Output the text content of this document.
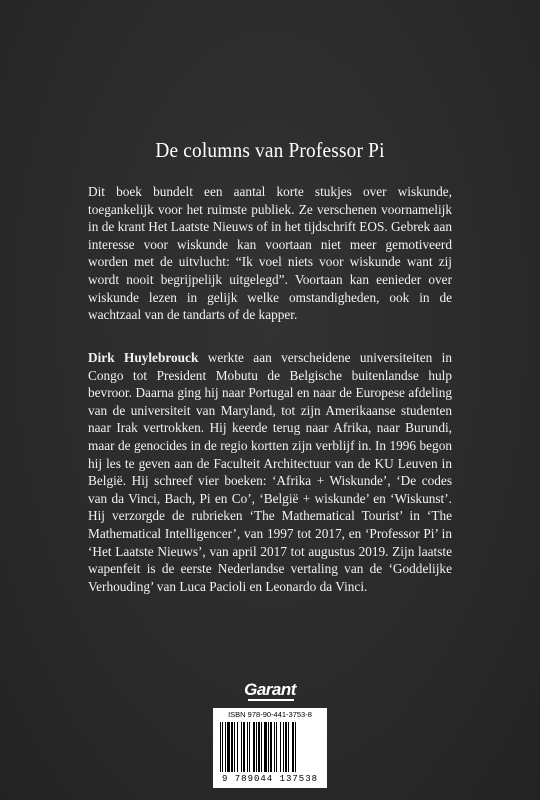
De columns van Professor Pi
Dit boek bundelt een aantal korte stukjes over wiskunde, toegankelijk voor het ruimste publiek. Ze verschenen voornamelijk in de krant Het Laatste Nieuws of in het tijdschrift EOS. Gebrek aan interesse voor wiskunde kan voortaan niet meer gemotiveerd worden met de uitvlucht: “Ik voel niets voor wiskunde want zij wordt nooit begrijpelijk uitgelegd”. Voortaan kan eenieder over wiskunde lezen in gelijk welke omstandigheden, ook in de wachtzaal van de tandarts of de kapper.
Dirk Huylebrouck werkte aan verscheidene universiteiten in Congo tot President Mobutu de Belgische buitenlandse hulp bevroor. Daarna ging hij naar Portugal en naar de Europese afdeling van de universiteit van Maryland, tot zijn Amerikaanse studenten naar Irak vertrokken. Hij keerde terug naar Afrika, naar Burundi, maar de genocides in de regio kortten zijn verblijf in. In 1996 begon hij les te geven aan de Faculteit Architectuur van de KU Leuven in België. Hij schreef vier boeken: ‘Afrika + Wiskunde’, ‘De codes van da Vinci, Bach, Pi en Co’, ‘België + wiskunde’ en ‘Wiskunst’. Hij verzorgde de rubrieken ‘The Mathematical Tourist’ in ‘The Mathematical Intelligencer’, van 1997 tot 2017, en ‘Professor Pi’ in ‘Het Laatste Nieuws’, van april 2017 tot augustus 2019. Zijn laatste wapenfeit is de eerste Nederlandse vertaling van de ‘Goddelijke Verhouding’ van Luca Pacioli en Leonardo da Vinci.
Garant
ISBN 978-90-441-3753-8
9 789044 137538
